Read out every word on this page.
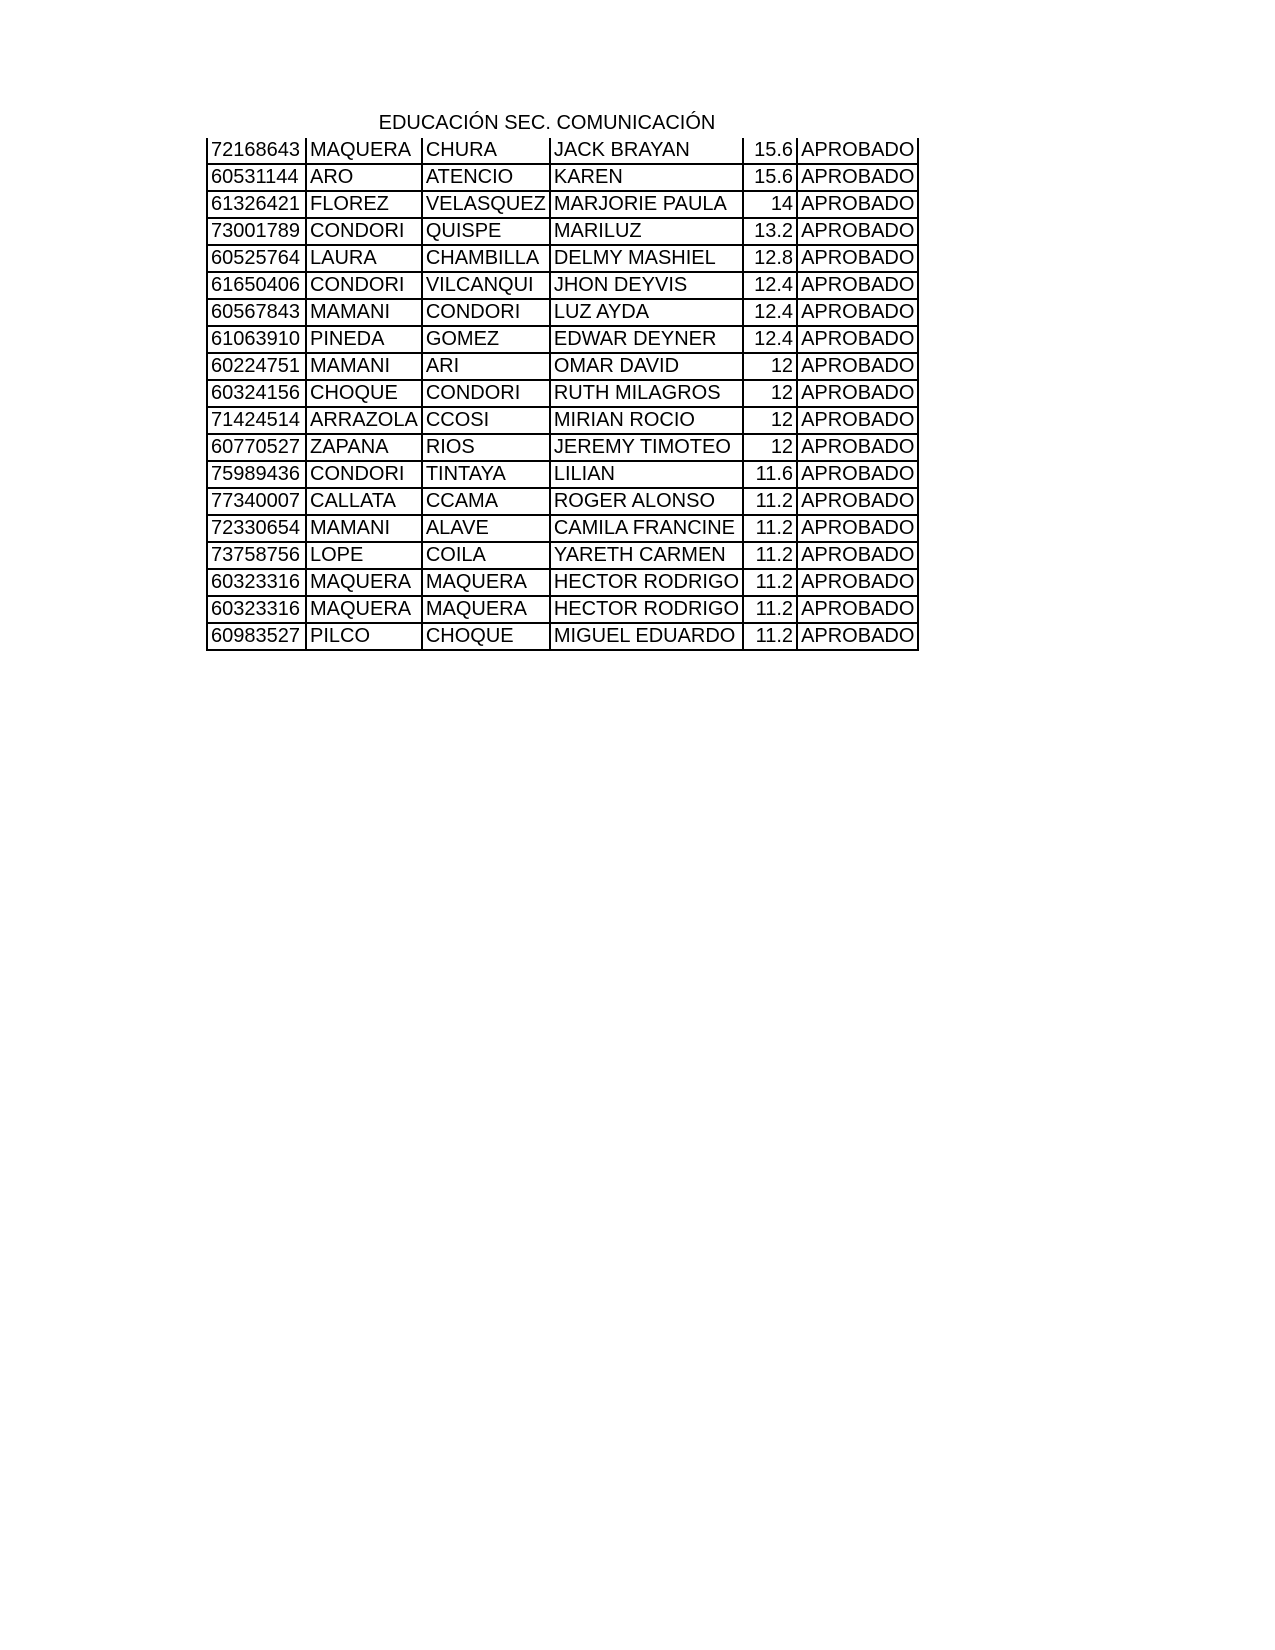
EDUCACIÓN SEC. COMUNICACIÓN
72168643	MAQUERA	CHURA	JACK BRAYAN	15.6	APROBADO
60531144	ARO	ATENCIO	KAREN	15.6	APROBADO
61326421	FLOREZ	VELASQUEZ	MARJORIE PAULA	14	APROBADO
73001789	CONDORI	QUISPE	MARILUZ	13.2	APROBADO
60525764	LAURA	CHAMBILLA	DELMY MASHIEL	12.8	APROBADO
61650406	CONDORI	VILCANQUI	JHON DEYVIS	12.4	APROBADO
60567843	MAMANI	CONDORI	LUZ AYDA	12.4	APROBADO
61063910	PINEDA	GOMEZ	EDWAR DEYNER	12.4	APROBADO
60224751	MAMANI	ARI	OMAR DAVID	12	APROBADO
60324156	CHOQUE	CONDORI	RUTH MILAGROS	12	APROBADO
71424514	ARRAZOLA	CCOSI	MIRIAN ROCIO	12	APROBADO
60770527	ZAPANA	RIOS	JEREMY TIMOTEO	12	APROBADO
75989436	CONDORI	TINTAYA	LILIAN	11.6	APROBADO
77340007	CALLATA	CCAMA	ROGER ALONSO	11.2	APROBADO
72330654	MAMANI	ALAVE	CAMILA FRANCINE	11.2	APROBADO
73758756	LOPE	COILA	YARETH CARMEN	11.2	APROBADO
60323316	MAQUERA	MAQUERA	HECTOR RODRIGO	11.2	APROBADO
60323316	MAQUERA	MAQUERA	HECTOR RODRIGO	11.2	APROBADO
60983527	PILCO	CHOQUE	MIGUEL EDUARDO	11.2	APROBADO
